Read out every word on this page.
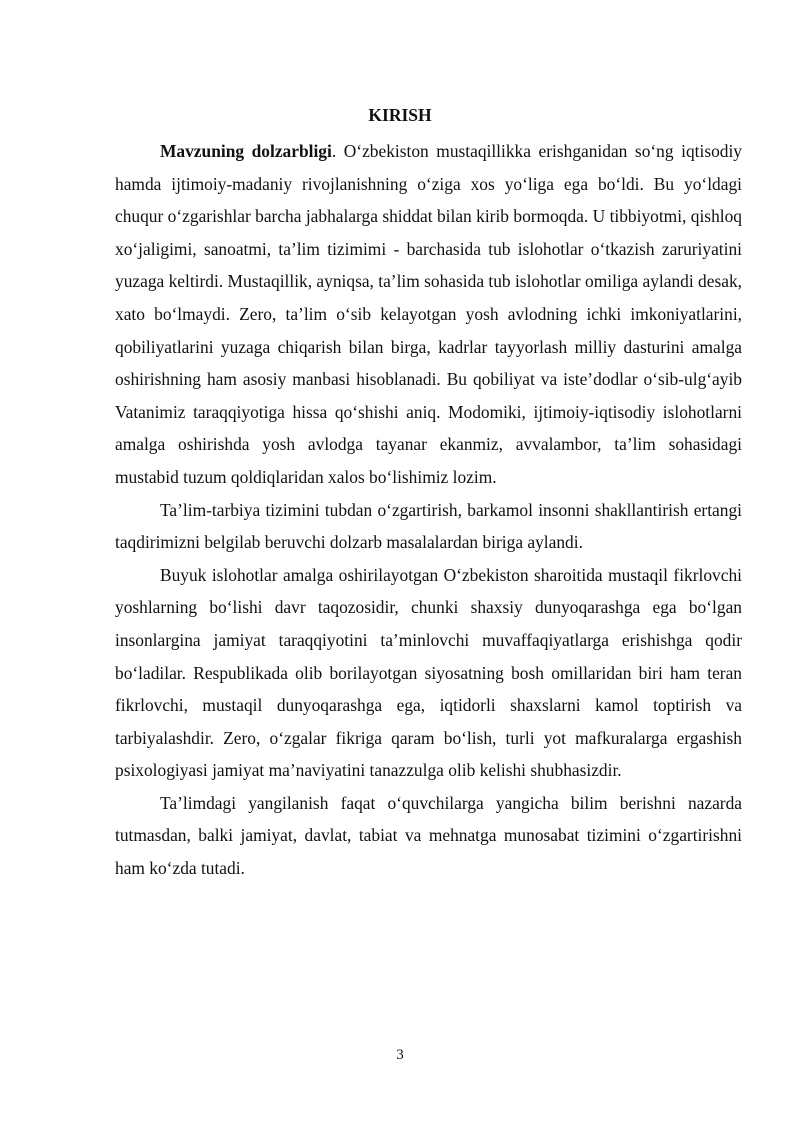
KIRISH

Mavzuning dolzarbligi. O‘zbekiston mustaqillikka erishganidan so‘ng iqtisodiy hamda ijtimoiy-madaniy rivojlanishning o‘ziga xos yo‘liga ega bo‘ldi. Bu yo‘ldagi chuqur o‘zgarishlar barcha jabhalarga shiddat bilan kirib bormoqda. U tibbiyotmi, qishloq xo‘jaligimi, sanoatmi, ta’lim tizimimi - barchasida tub islohotlar o‘tkazish zaruriyatini yuzaga keltirdi. Mustaqillik, ayniqsa, ta’lim sohasida tub islohotlar omiliga aylandi desak, xato bo‘lmaydi. Zero, ta’lim o‘sib kelayotgan yosh avlodning ichki imkoniyatlarini, qobiliyatlarini yuzaga chiqarish bilan birga, kadrlar tayyorlash milliy dasturini amalga oshirishning ham asosiy manbasi hisoblanadi. Bu qobiliyat va iste’dodlar o‘sib-ulg‘ayib Vatanimiz taraqqiyotiga hissa qo‘shishi aniq. Modomiki, ijtimoiy-iqtisodiy islohotlarni amalga oshirishda yosh avlodga tayanar ekanmiz, avvalambor, ta’lim sohasidagi mustabid tuzum qoldiqlaridan xalos bo‘lishimiz lozim.

Ta’lim-tarbiya tizimini tubdan o‘zgartirish, barkamol insonni shakllantirish ertangi taqdirimizni belgilab beruvchi dolzarb masalalardan biriga aylandi.

Buyuk islohotlar amalga oshirilayotgan O‘zbekiston sharoitida mustaqil fikrlovchi yoshlarning bo‘lishi davr taqozosidir, chunki shaxsiy dunyoqarashga ega bo‘lgan insonlargina jamiyat taraqqiyotini ta’minlovchi muvaffaqiyatlarga erishishga qodir bo‘ladilar. Respublikada olib borilayotgan siyosatning bosh omillaridan biri ham teran fikrlovchi, mustaqil dunyoqarashga ega, iqtidorli shaxslarni kamol toptirish va tarbiyalashdir. Zero, o‘zgalar fikriga qaram bo‘lish, turli yot mafkuralarga ergashish psixologiyasi jamiyat ma’naviyatini tanazzulga olib kelishi shubhasizdir.

Ta’limdagi yangilanish faqat o‘quvchilarga yangicha bilim berishni nazarda tutmasdan, balki jamiyat, davlat, tabiat va mehnatga munosabat tizimini o‘zgartirishni ham ko‘zda tutadi.

3
